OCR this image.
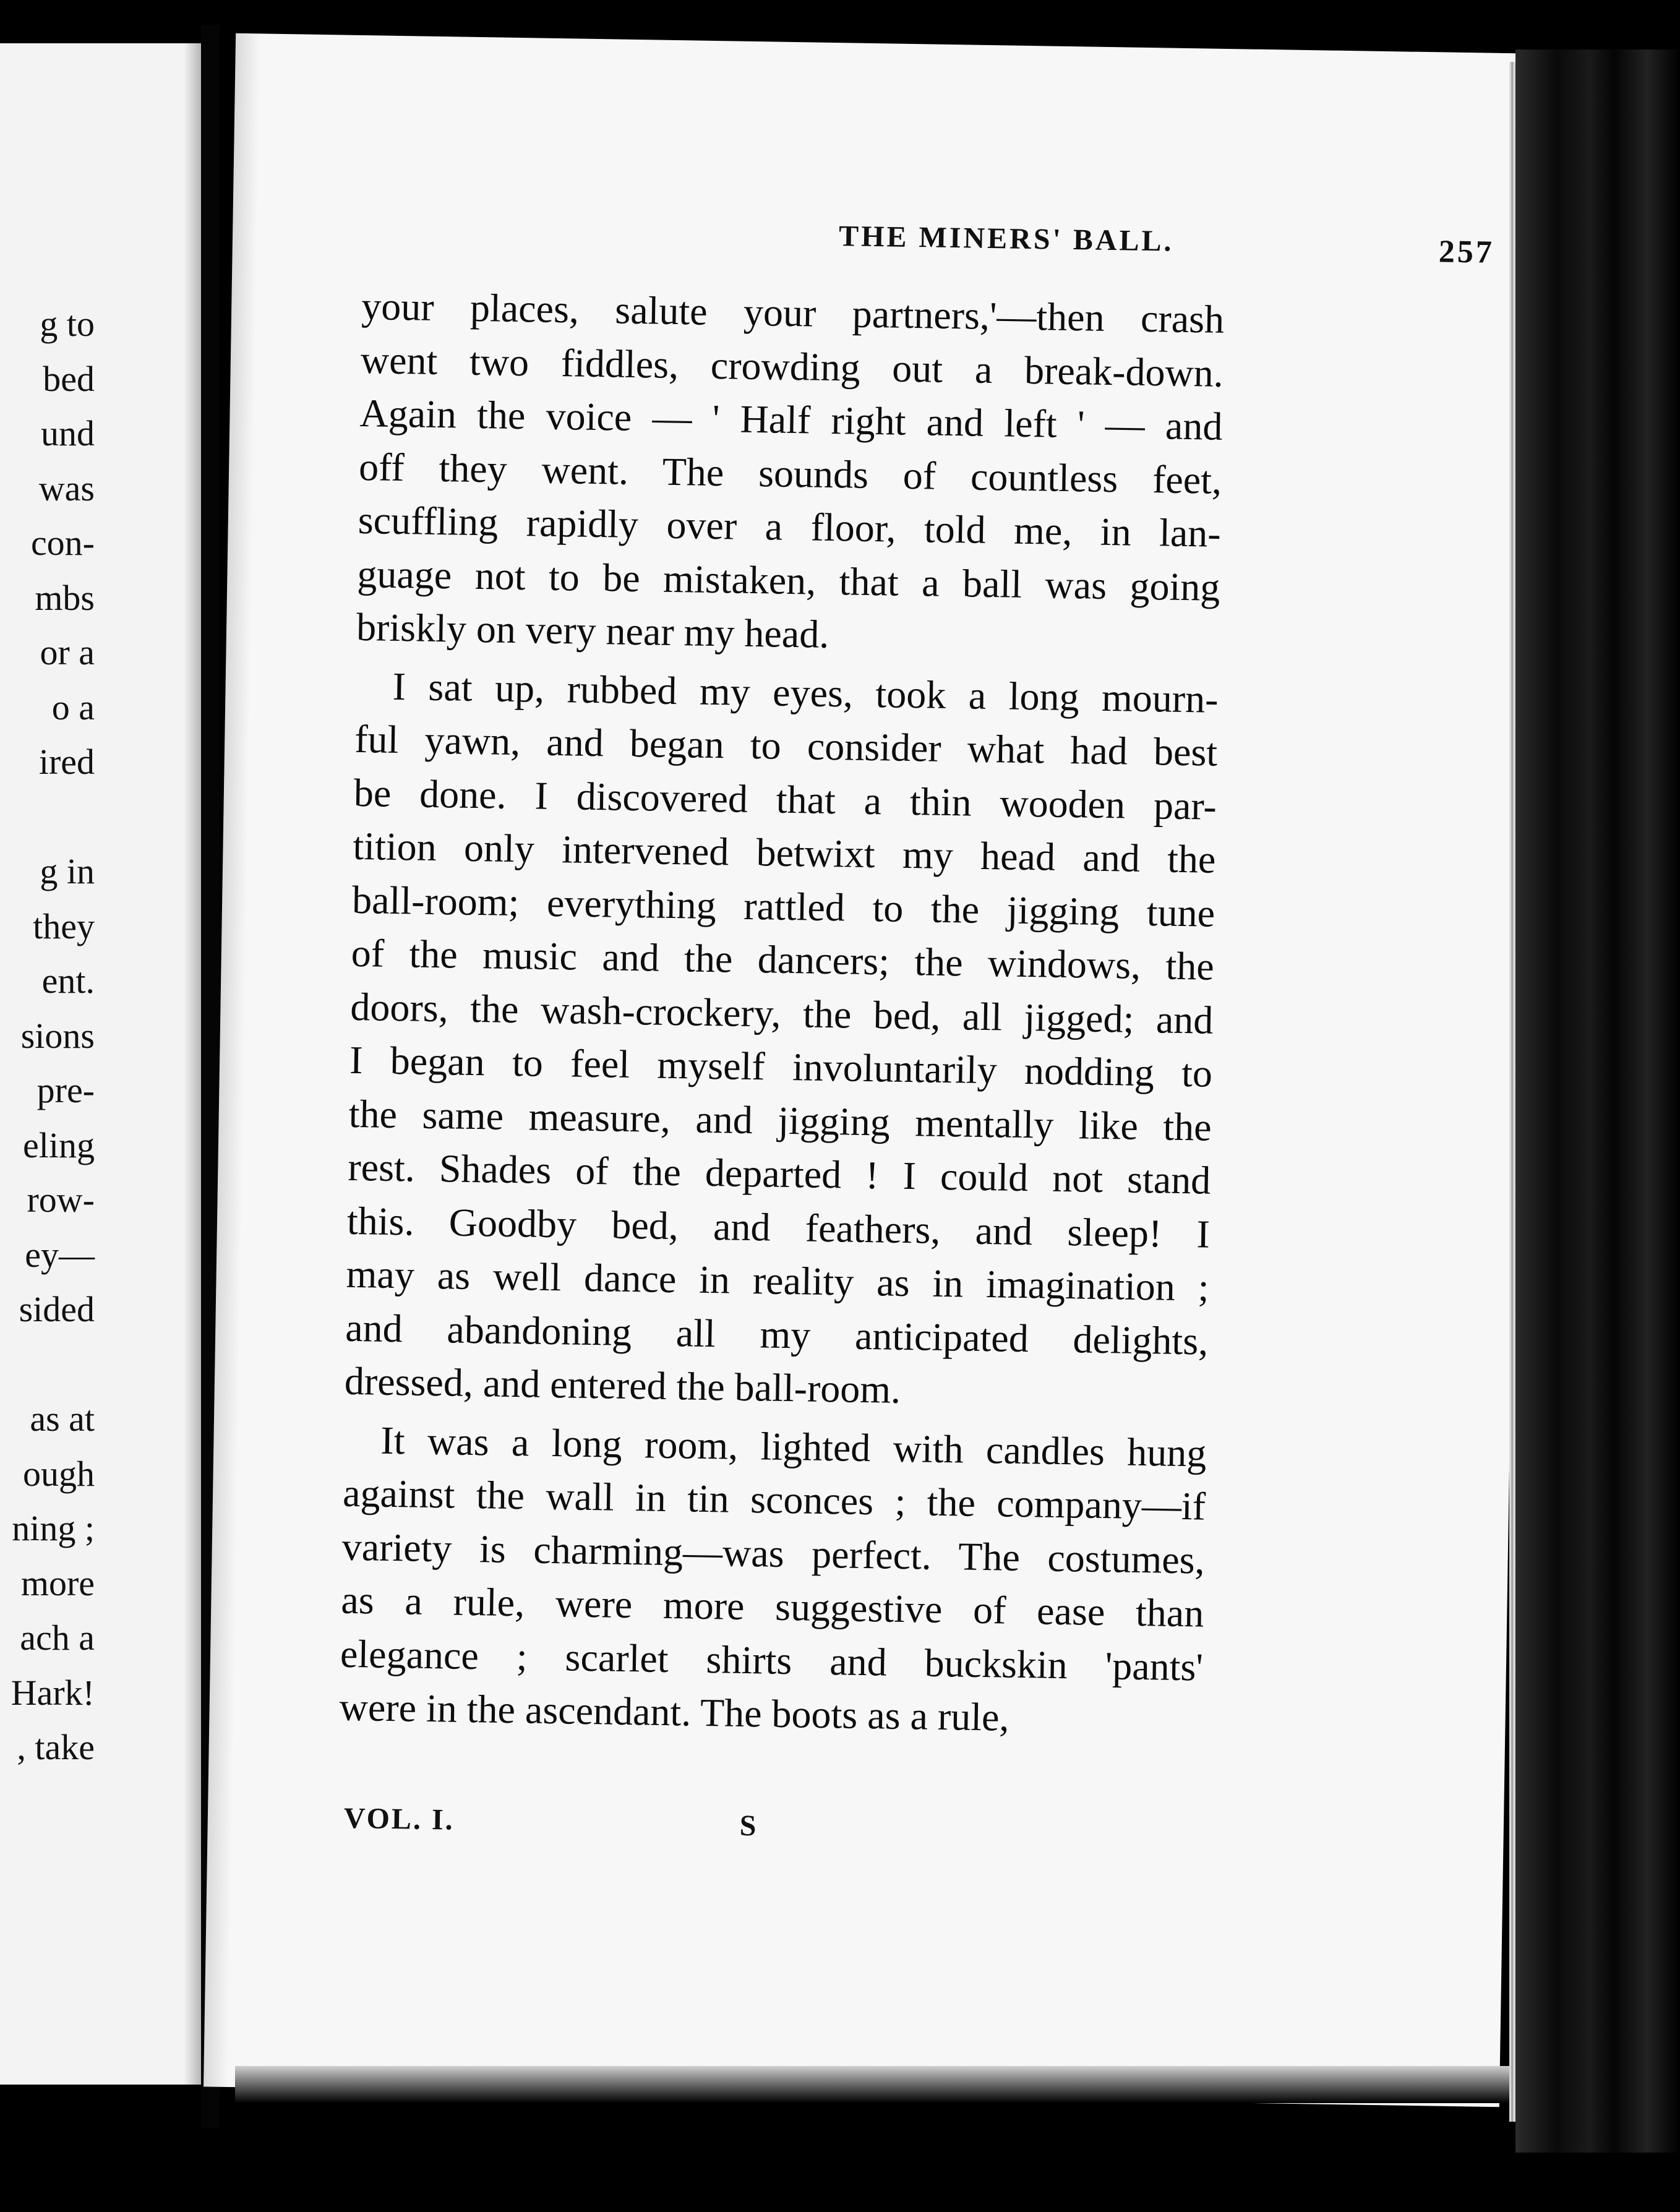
g to
bed
und
was
con-
mbs
or a
o a
ired
g in
they
ent.
sions
pre-
eling
row-
ey—
sided
as at
ough
ning ;
more
ach a
Hark!
, take
THE MINERS' BALL.	257
your places, salute your partners,'—then crash
went two fiddles, crowding out a break-down.
Again the voice — ' Half right and left ' — and
off they went. The sounds of countless feet,
scuffling rapidly over a floor, told me, in lan-
guage not to be mistaken, that a ball was going
briskly on very near my head.
I sat up, rubbed my eyes, took a long mourn-
ful yawn, and began to consider what had best
be done. I discovered that a thin wooden par-
tition only intervened betwixt my head and the
ball-room; everything rattled to the jigging tune
of the music and the dancers; the windows, the
doors, the wash-crockery, the bed, all jigged; and
I began to feel myself involuntarily nodding to
the same measure, and jigging mentally like the
rest. Shades of the departed ! I could not stand
this. Goodby bed, and feathers, and sleep! I
may as well dance in reality as in imagination ;
and abandoning all my anticipated delights,
dressed, and entered the ball-room.
It was a long room, lighted with candles hung
against the wall in tin sconces ; the company—if
variety is charming—was perfect. The costumes,
as a rule, were more suggestive of ease than
elegance ; scarlet shirts and buckskin 'pants'
were in the ascendant. The boots as a rule,
VOL. I.	S
